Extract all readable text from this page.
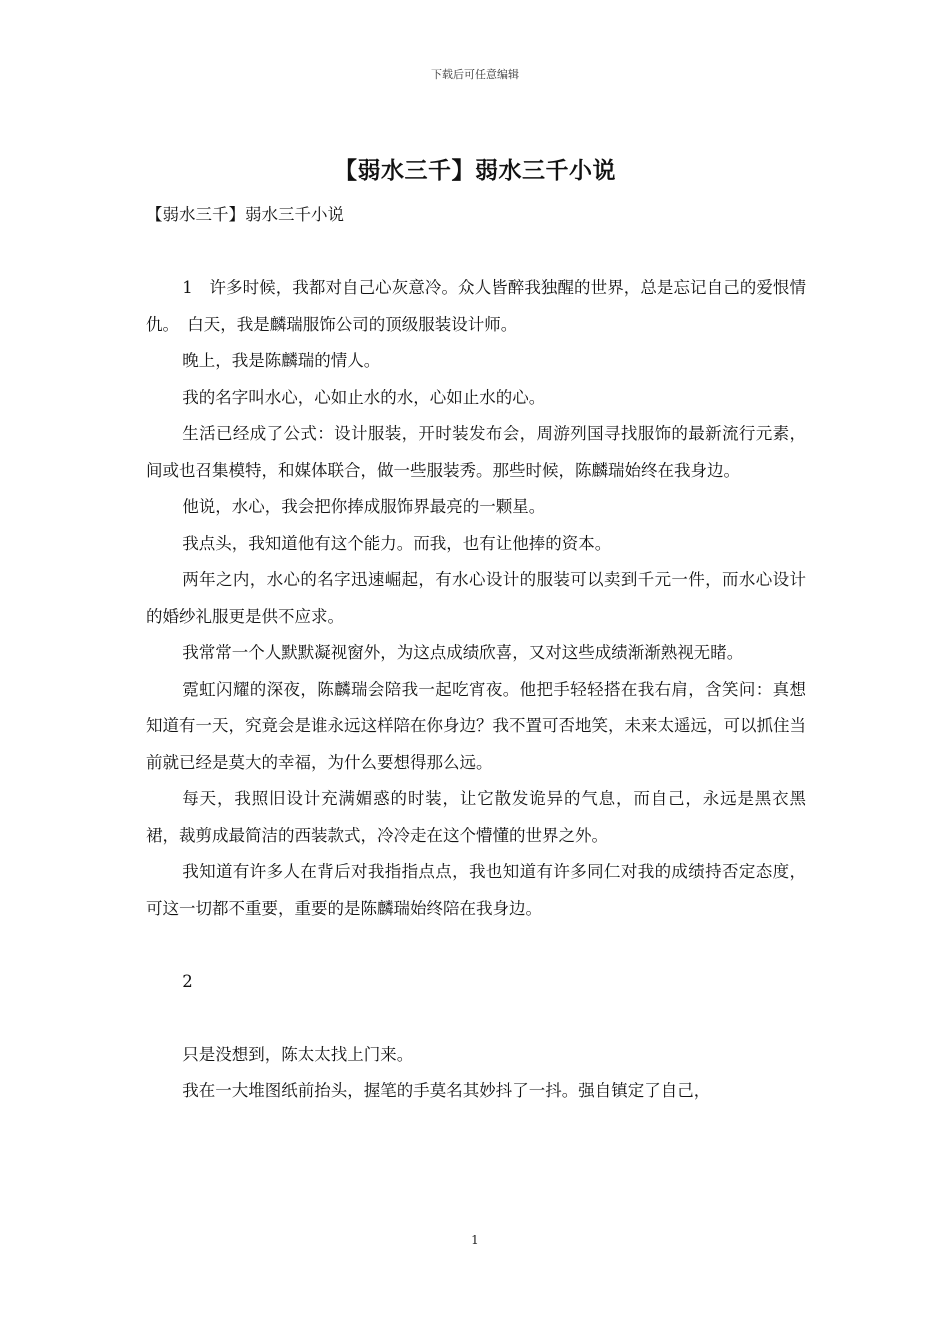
下载后可任意编辑
【弱水三千】弱水三千小说
【弱水三千】弱水三千小说

1　许多时候，我都对自己心灰意冷。众人皆醉我独醒的世界，总是忘记自己的爱恨情仇。　白天，我是麟瑞服饰公司的顶级服装设计师。

晚上，我是陈麟瑞的情人。

我的名字叫水心，心如止水的水，心如止水的心。

生活已经成了公式：设计服装，开时装发布会，周游列国寻找服饰的最新流行元素，间或也召集模特，和媒体联合，做一些服装秀。那些时候，陈麟瑞始终在我身边。

他说，水心，我会把你捧成服饰界最亮的一颗星。

我点头，我知道他有这个能力。而我，也有让他捧的资本。

两年之内，水心的名字迅速崛起，有水心设计的服装可以卖到千元一件，而水心设计的婚纱礼服更是供不应求。

我常常一个人默默凝视窗外，为这点成绩欣喜，又对这些成绩渐渐熟视无睹。

霓虹闪耀的深夜，陈麟瑞会陪我一起吃宵夜。他把手轻轻搭在我右肩，含笑问：真想知道有一天，究竟会是谁永远这样陪在你身边？我不置可否地笑，未来太遥远，可以抓住当前就已经是莫大的幸福，为什么要想得那么远。

每天，我照旧设计充满媚惑的时装，让它散发诡异的气息，而自己，永远是黑衣黑裙，裁剪成最简洁的西装款式，冷冷走在这个懵懂的世界之外。

我知道有许多人在背后对我指指点点，我也知道有许多同仁对我的成绩持否定态度，可这一切都不重要，重要的是陈麟瑞始终陪在我身边。

2

只是没想到，陈太太找上门来。

我在一大堆图纸前抬头，握笔的手莫名其妙抖了一抖。强自镇定了自己，

1
